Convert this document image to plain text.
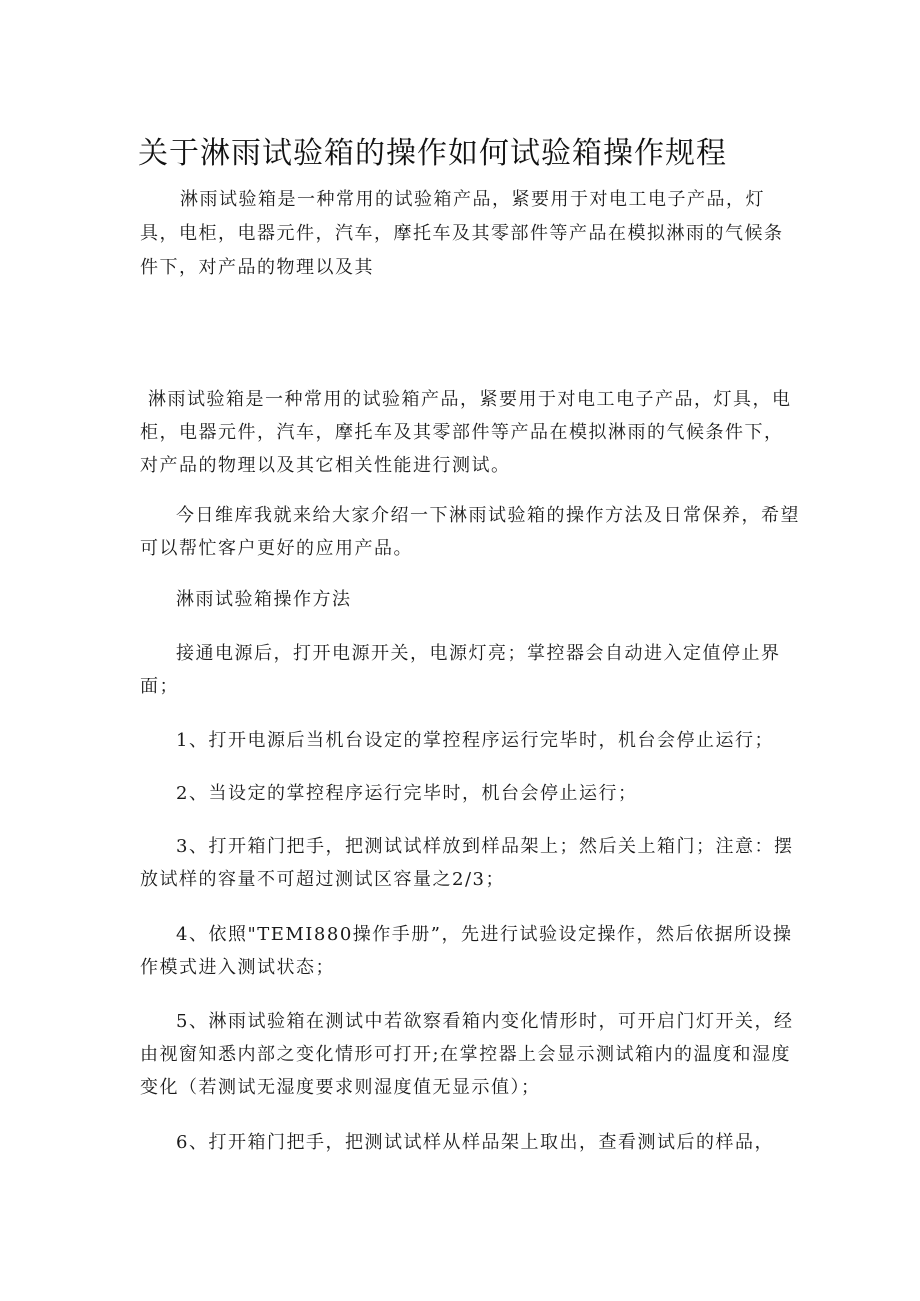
关于淋雨试验箱的操作如何试验箱操作规程

淋雨试验箱是一种常用的试验箱产品，紧要用于对电工电子产品，灯具，电柜，电器元件，汽车，摩托车及其零部件等产品在模拟淋雨的气候条件下，对产品的物理以及其

淋雨试验箱是一种常用的试验箱产品，紧要用于对电工电子产品，灯具，电柜，电器元件，汽车，摩托车及其零部件等产品在模拟淋雨的气候条件下，对产品的物理以及其它相关性能进行测试。

今日维库我就来给大家介绍一下淋雨试验箱的操作方法及日常保养，希望可以帮忙客户更好的应用产品。

淋雨试验箱操作方法

接通电源后，打开电源开关，电源灯亮；掌控器会自动进入定值停止界面；

1、打开电源后当机台设定的掌控程序运行完毕时，机台会停止运行；

2、当设定的掌控程序运行完毕时，机台会停止运行；

3、打开箱门把手，把测试试样放到样品架上；然后关上箱门；注意：摆放试样的容量不可超过测试区容量之2/3；

4、依照"TEMI880操作手册”，先进行试验设定操作，然后依据所设操作模式进入测试状态；

5、淋雨试验箱在测试中若欲察看箱内变化情形时，可开启门灯开关，经由视窗知悉内部之变化情形可打开;在掌控器上会显示测试箱内的温度和湿度变化（若测试无湿度要求则湿度值无显示值）；

6、打开箱门把手，把测试试样从样品架上取出，查看测试后的样品，
